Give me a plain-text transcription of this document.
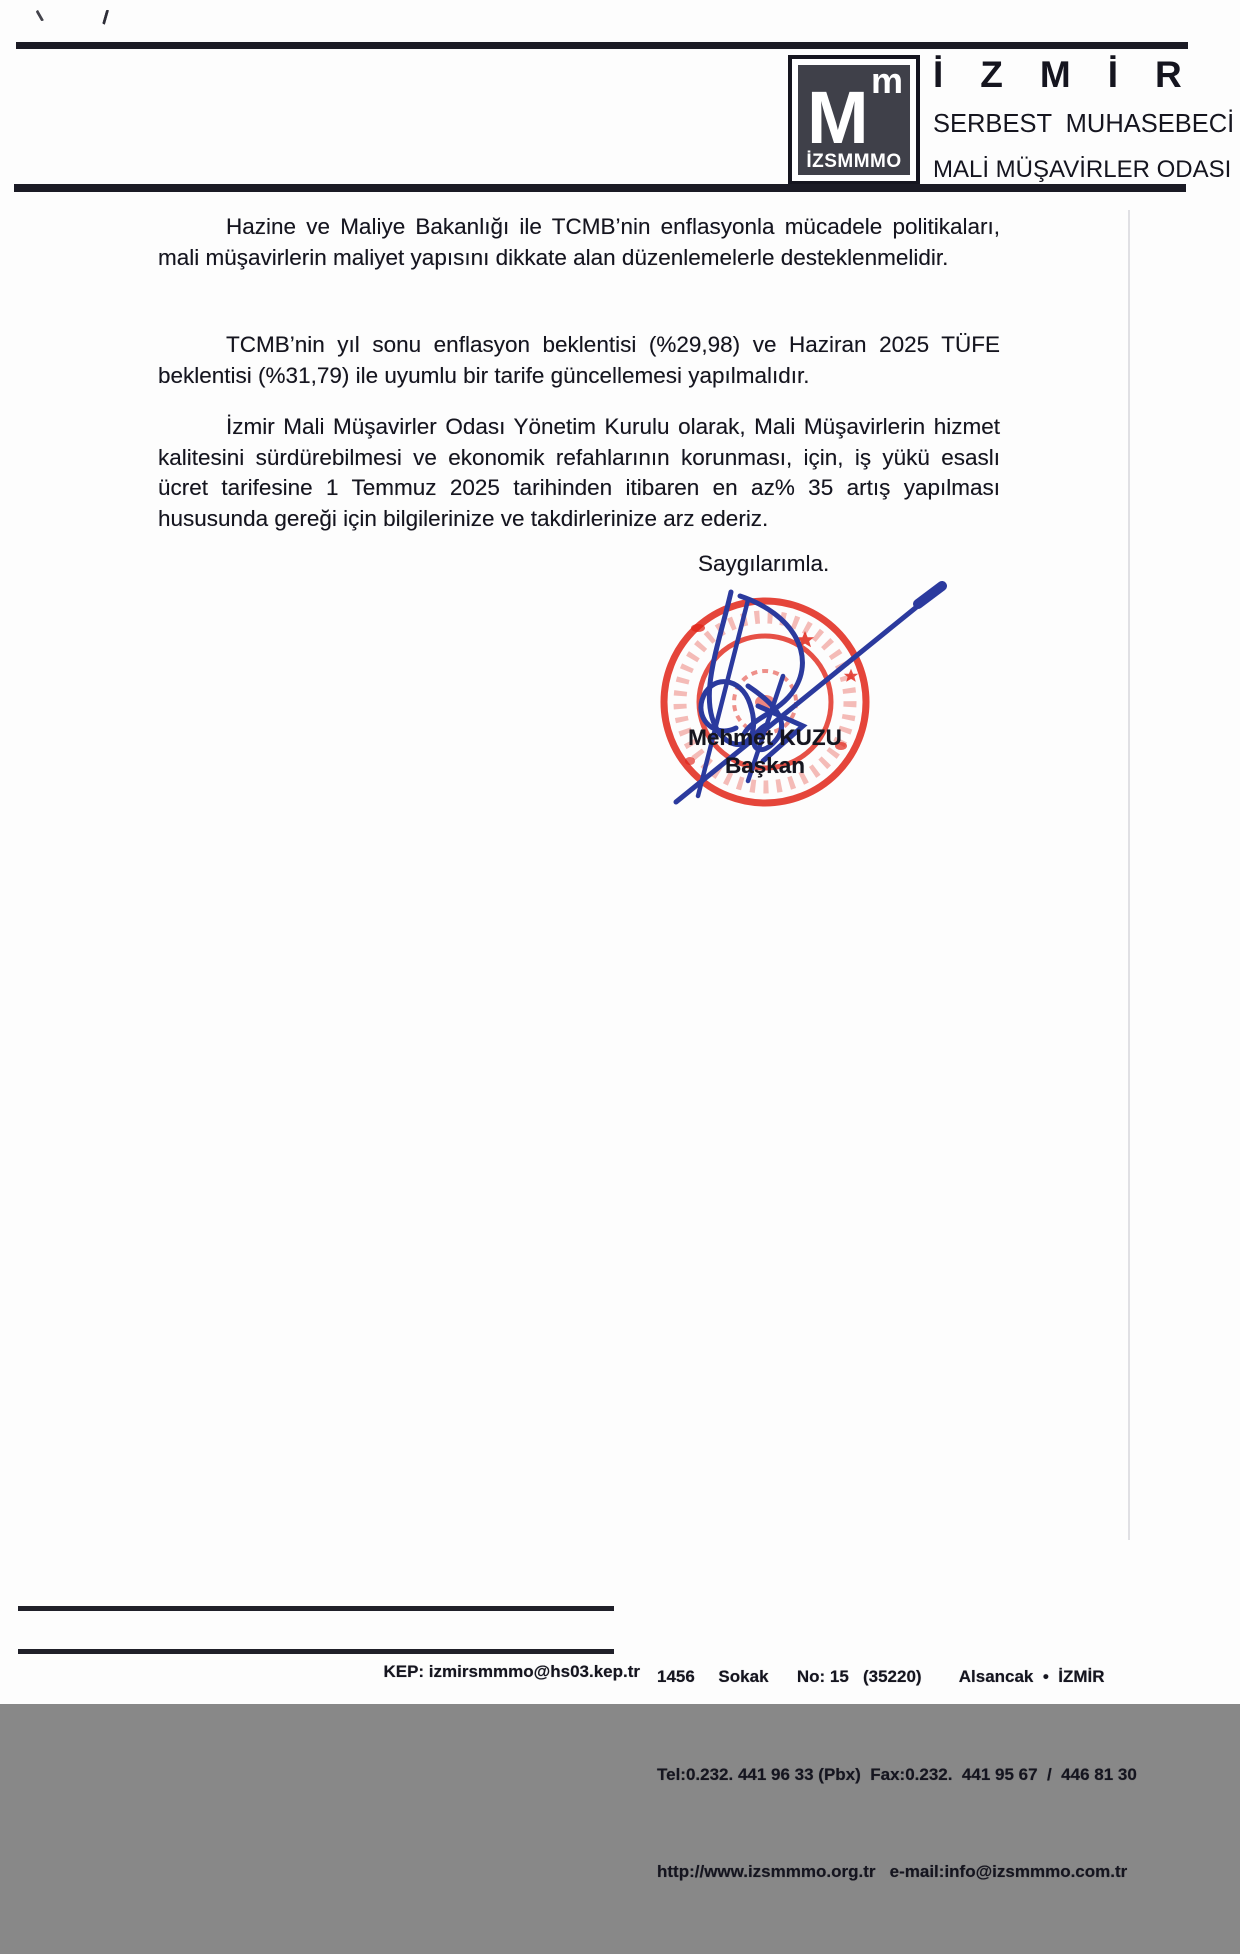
M m
İZSMMMO
İZMİR
SERBEST MUHASEBECİ
MALİ MÜŞAVİRLER ODASI

Hazine ve Maliye Bakanlığı ile TCMB’nin enflasyonla mücadele politikaları, mali müşavirlerin maliyet yapısını dikkate alan düzenlemelerle desteklenmelidir.

TCMB’nin yıl sonu enflasyon beklentisi (%29,98) ve Haziran 2025 TÜFE beklentisi (%31,79) ile uyumlu bir tarife güncellemesi yapılmalıdır.

İzmir Mali Müşavirler Odası Yönetim Kurulu olarak, Mali Müşavirlerin hizmet kalitesini sürdürebilmesi ve ekonomik refahlarının korunması, için, iş yükü esaslı ücret tarifesine 1 Temmuz 2025 tarihinden itibaren en az% 35 artış yapılması hususunda gereği için bilgilerinize ve takdirlerinize arz ederiz.

Saygılarımla.
Mehmet KUZU
Başkan
KEP: izmirsmmmo@hs03.kep.tr

1456     Sokak      No: 15   (35220)        Alsancak  •  İZMİR

Tel:0.232. 441 96 33 (Pbx)  Fax:0.232.  441 95 67  /  446 81 30

http://www.izsmmmo.org.tr   e-mail:info@izsmmmo.com.tr
